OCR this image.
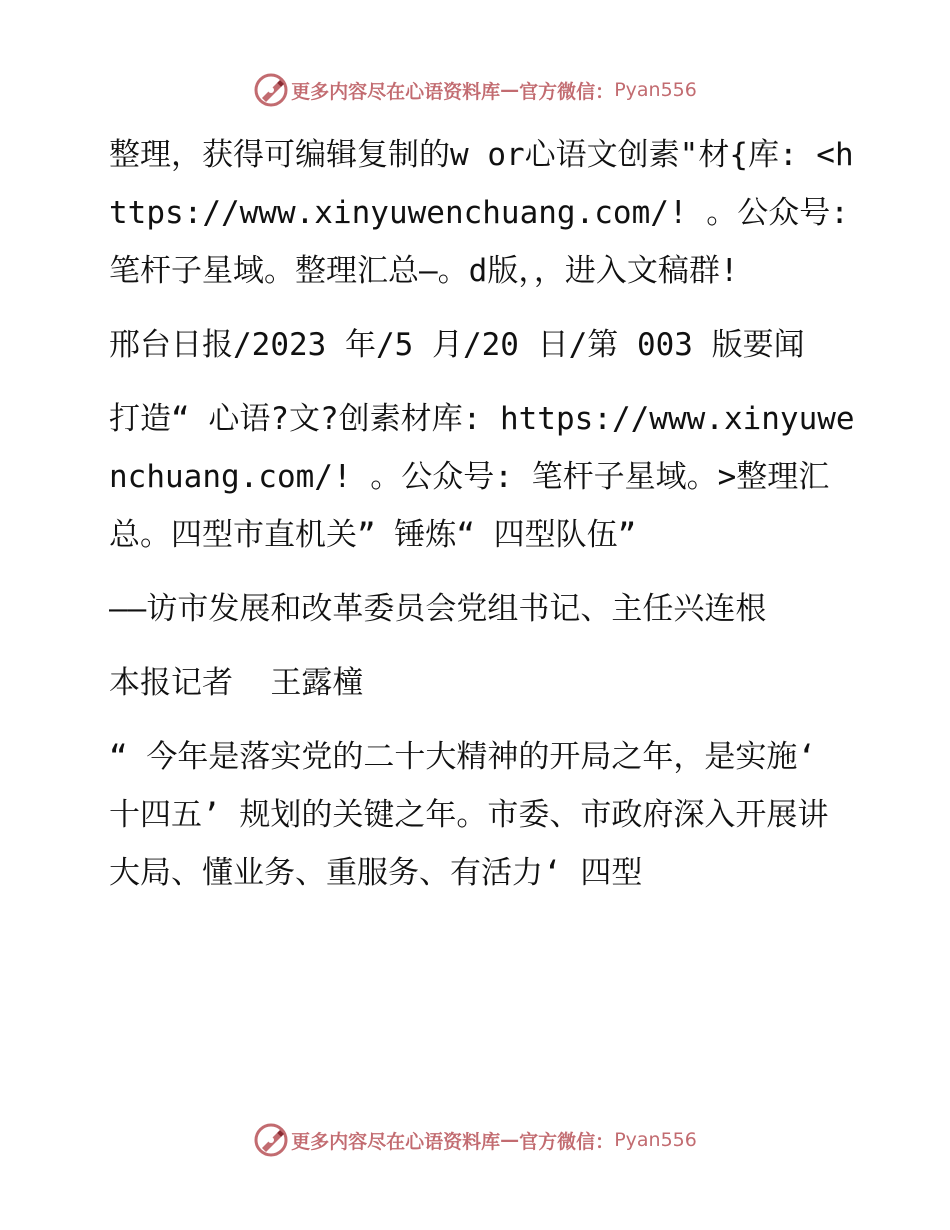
更多内容尽在心语资料库 — 官方微信： Pyan556

整理，获得可编辑复制的w or心语文创素"材{库: <https://www.xinyuwenchuang.com/! 。公众号: 笔杆子星域。整理汇总—。d版，，进入文稿群!

邢台日报/2023 年/5 月/20 日/第 003 版要闻

打造“ 心语?文?创素材库: https://www.xinyuwenchuang.com/! 。公众号: 笔杆子星域。>整理汇总。四型市直机关” 锤炼“ 四型队伍”

——访市发展和改革委员会党组书记、主任兴连根

本报记者  王露橦

“ 今年是落实党的二十大精神的开局之年，是实施‘ 十四五’ 规划的关键之年。市委、市政府深入开展讲大局、懂业务、重服务、有活力‘ 四型

更多内容尽在心语资料库 — 官方微信： Pyan556
